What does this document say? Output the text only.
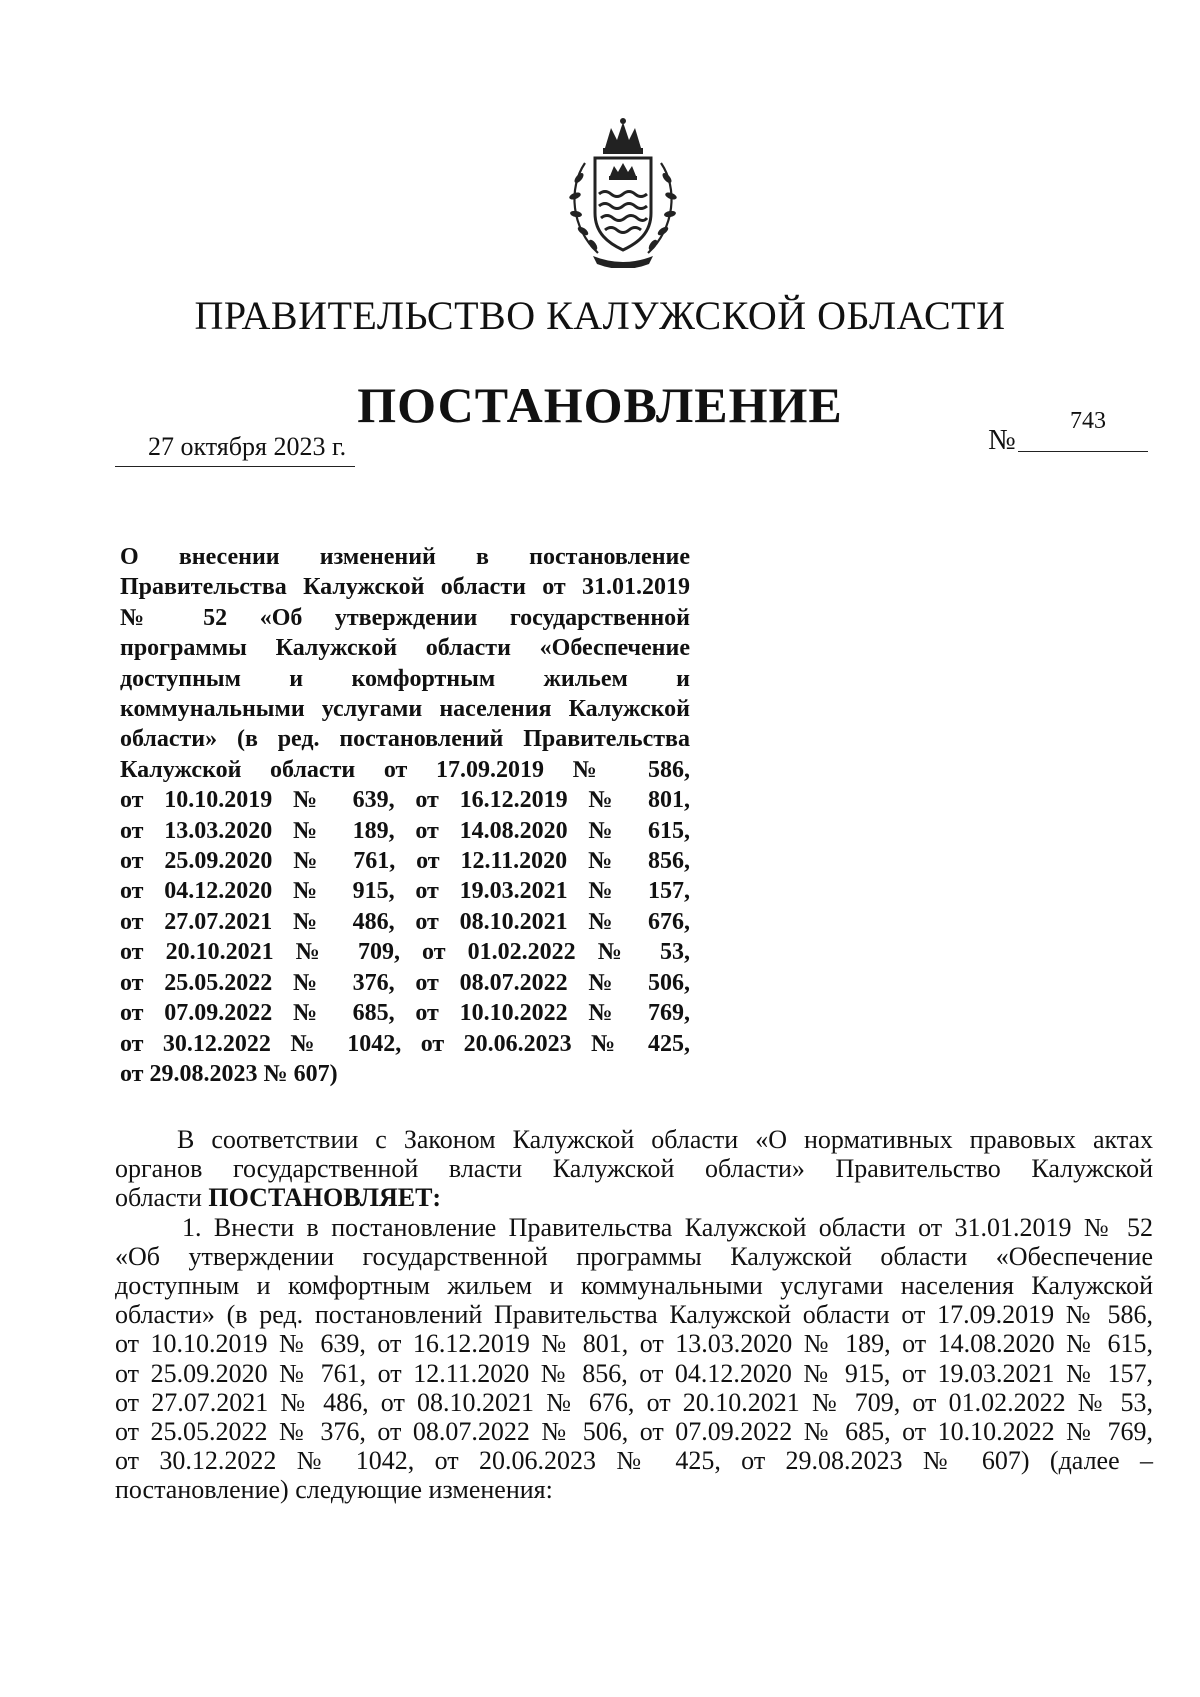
ПРАВИТЕЛЬСТВО КАЛУЖСКОЙ ОБЛАСТИ
ПОСТАНОВЛЕНИЕ
27 октября 2023 г.	№
743
О внесении изменений в постановление
Правительства Калужской области от 31.01.2019
№ 52 «Об утверждении государственной
программы Калужской области «Обеспечение
доступным и комфортным жильем и
коммунальными услугами населения Калужской
области» (в ред. постановлений Правительства
Калужской области от 17.09.2019 № 586,
от 10.10.2019 № 639, от 16.12.2019 № 801,
от 13.03.2020 № 189, от 14.08.2020 № 615,
от 25.09.2020 № 761, от 12.11.2020 № 856,
от 04.12.2020 № 915, от 19.03.2021 № 157,
от 27.07.2021 № 486, от 08.10.2021 № 676,
от 20.10.2021 № 709, от 01.02.2022 № 53,
от 25.05.2022 № 376, от 08.07.2022 № 506,
от 07.09.2022 № 685, от 10.10.2022 № 769,
от 30.12.2022 № 1042, от 20.06.2023 № 425,
от 29.08.2023 № 607)
В соответствии с Законом Калужской области «О нормативных правовых актах
органов государственной власти Калужской области» Правительство Калужской
области ПОСТАНОВЛЯЕТ:
1. Внести в постановление Правительства Калужской области от 31.01.2019 № 52
«Об утверждении государственной программы Калужской области «Обеспечение
доступным и комфортным жильем и коммунальными услугами населения Калужской
области» (в ред. постановлений Правительства Калужской области от 17.09.2019 № 586,
от 10.10.2019 № 639, от 16.12.2019 № 801, от 13.03.2020 № 189, от 14.08.2020 № 615,
от 25.09.2020 № 761, от 12.11.2020 № 856, от 04.12.2020 № 915, от 19.03.2021 № 157,
от 27.07.2021 № 486, от 08.10.2021 № 676, от 20.10.2021 № 709, от 01.02.2022 № 53,
от 25.05.2022 № 376, от 08.07.2022 № 506, от 07.09.2022 № 685, от 10.10.2022 № 769,
от 30.12.2022 № 1042, от 20.06.2023 № 425, от 29.08.2023 № 607) (далее –
постановление) следующие изменения:
